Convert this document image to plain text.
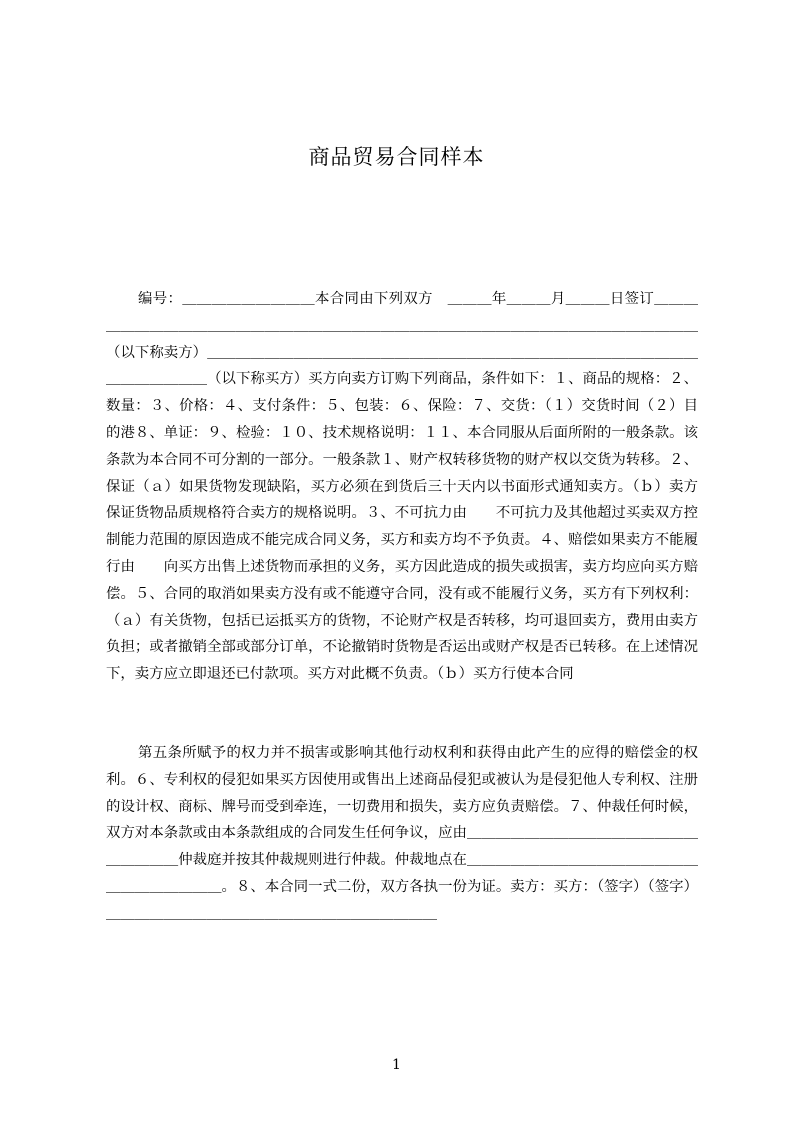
商品贸易合同样本

编号：＿＿＿＿＿＿＿＿＿本合同由下列双方　＿＿＿年＿＿＿月＿＿＿日签订＿＿＿＿＿＿＿＿＿＿＿＿＿＿＿＿＿＿＿＿＿＿＿＿＿＿＿＿＿＿＿＿＿＿＿＿＿＿＿＿＿＿＿＿（以下称卖方）＿＿＿＿＿＿＿＿＿＿＿＿＿＿＿＿＿＿＿＿＿＿＿＿＿＿＿＿＿＿＿＿＿＿＿＿＿＿＿＿＿（以下称买方）买方向卖方订购下列商品，条件如下：１、商品的规格：２、数量：３、价格：４、支付条件：５、包装：６、保险：７、交货：（１）交货时间（２）目的港８、单证：９、检验：１０、技术规格说明：１１、本合同服从后面所附的一般条款。该条款为本合同不可分割的一部分。一般条款１、财产权转移货物的财产权以交货为转移。２、保证（ａ）如果货物发现缺陷，买方必须在到货后三十天内以书面形式通知卖方。（ｂ）卖方保证货物品质规格符合卖方的规格说明。３、不可抗力由　　不可抗力及其他超过买卖双方控制能力范围的原因造成不能完成合同义务，买方和卖方均不予负责。４、赔偿如果卖方不能履行由　　向买方出售上述货物而承担的义务，买方因此造成的损失或损害，卖方均应向买方赔偿。５、合同的取消如果卖方没有或不能遵守合同，没有或不能履行义务，买方有下列权利：（ａ）有关货物，包括已运抵买方的货物，不论财产权是否转移，均可退回卖方，费用由卖方负担；或者撤销全部或部分订单，不论撤销时货物是否运出或财产权是否已转移。在上述情况下，卖方应立即退还已付款项。买方对此概不负责。（ｂ）买方行使本合同

第五条所赋予的权力并不损害或影响其他行动权利和获得由此产生的应得的赔偿金的权利。６、专利权的侵犯如果买方因使用或售出上述商品侵犯或被认为是侵犯他人专利权、注册的设计权、商标、牌号而受到牵连，一切费用和损失，卖方应负责赔偿。７、仲裁任何时候，双方对本条款或由本条款组成的合同发生任何争议，应由＿＿＿＿＿＿＿＿＿＿＿＿＿＿＿＿＿＿＿＿＿仲裁庭并按其仲裁规则进行仲裁。仲裁地点在＿＿＿＿＿＿＿＿＿＿＿＿＿＿＿＿＿＿＿＿＿＿＿＿。８、本合同一式二份，双方各执一份为证。卖方：买方：（签字）（签字）＿＿＿＿＿＿＿＿＿＿＿＿＿＿＿＿＿＿＿＿＿＿＿

1
